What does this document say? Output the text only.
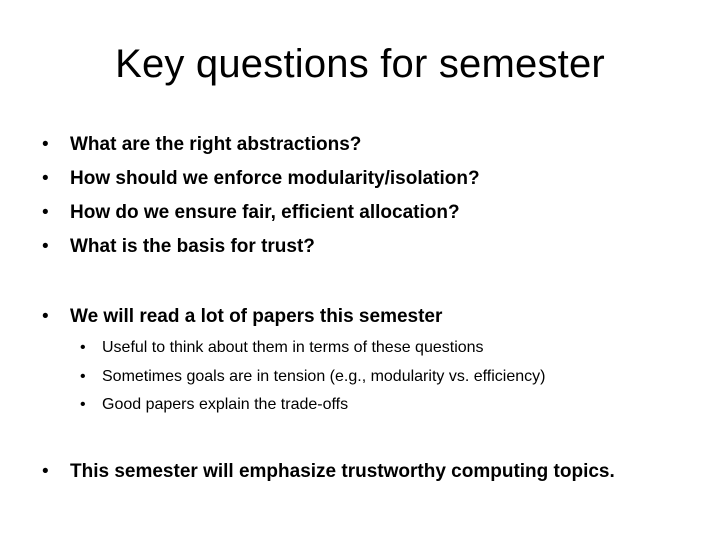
Key questions for semester
• What are the right abstractions?
• How should we enforce modularity/isolation?
• How do we ensure fair, efficient allocation?
• What is the basis for trust?
• We will read a lot of papers this semester
• Useful to think about them in terms of these questions
• Sometimes goals are in tension (e.g., modularity vs. efficiency)
• Good papers explain the trade-offs
• This semester will emphasize trustworthy computing topics.
